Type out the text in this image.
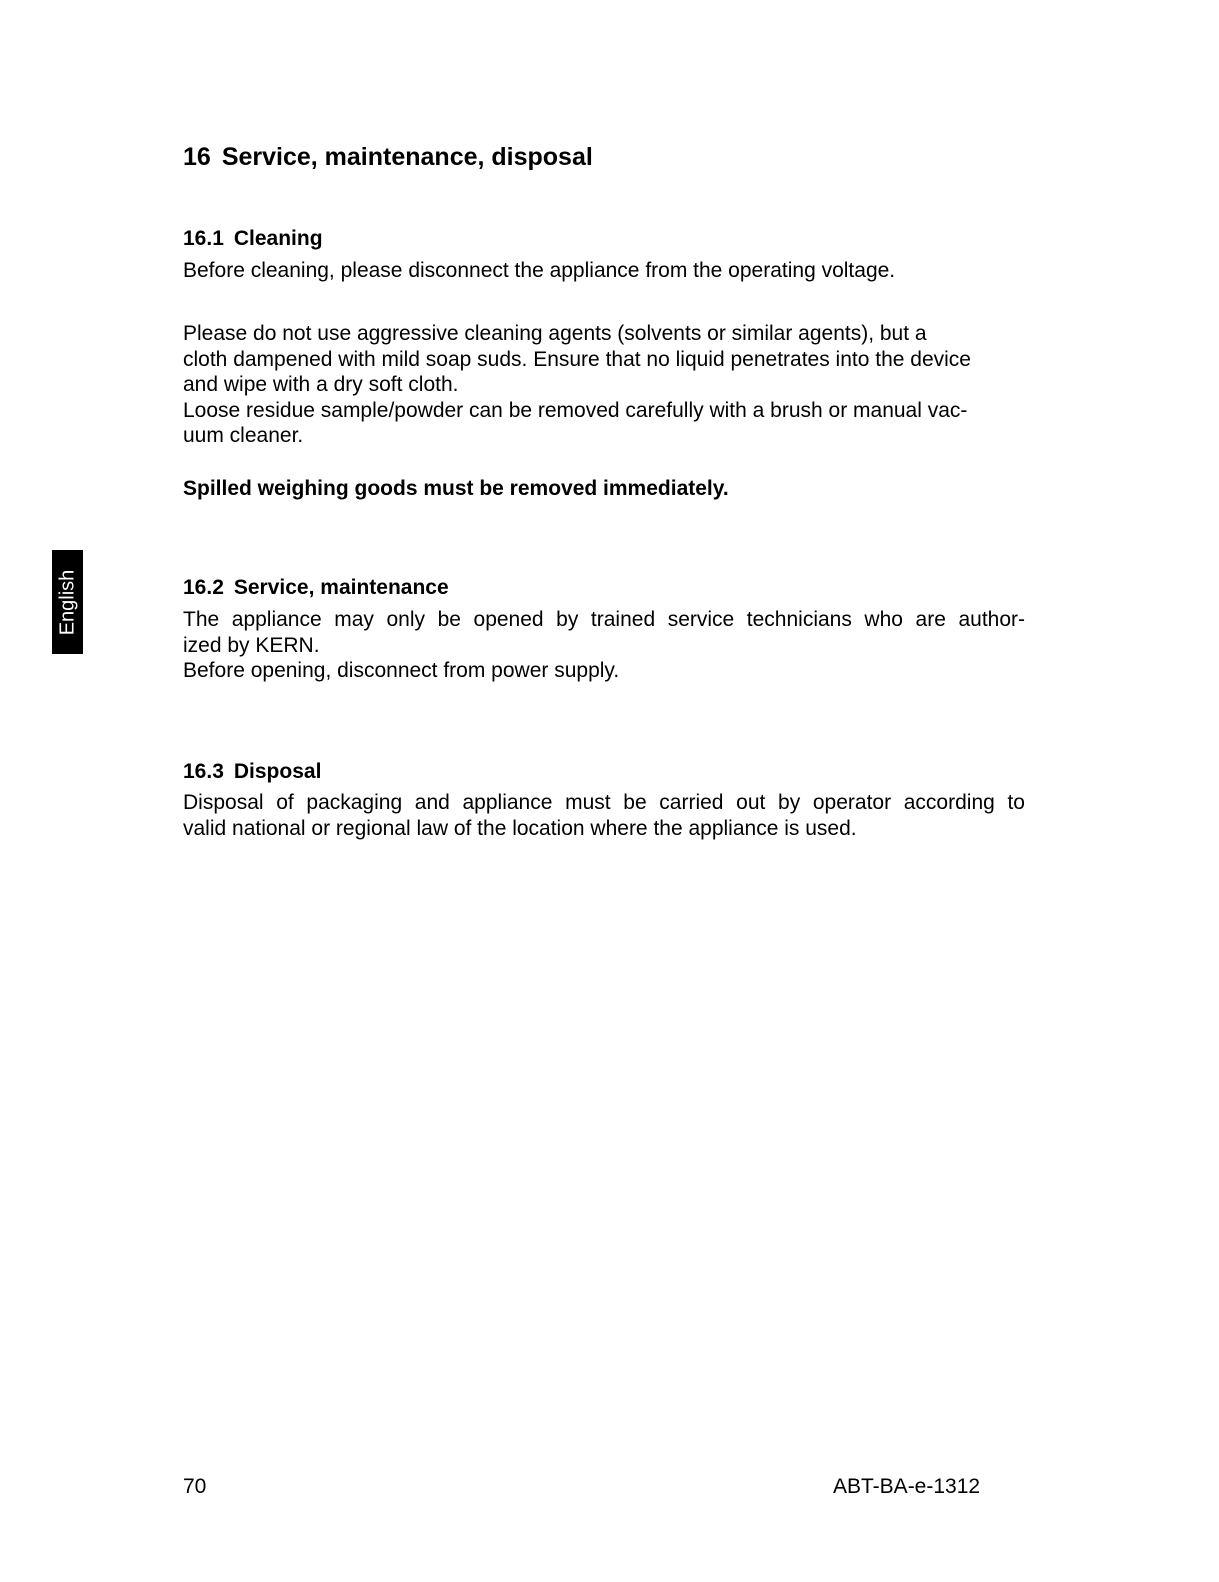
English
16 Service, maintenance, disposal
16.1 Cleaning

Before cleaning, please disconnect the appliance from the operating voltage.

Please do not use aggressive cleaning agents (solvents or similar agents), but a
cloth dampened with mild soap suds. Ensure that no liquid penetrates into the device
and wipe with a dry soft cloth.
Loose residue sample/powder can be removed carefully with a brush or manual vac-
uum cleaner.

Spilled weighing goods must be removed immediately.
16.2 Service, maintenance

The appliance may only be opened by trained service technicians who are author-
ized by KERN.
Before opening, disconnect from power supply.

16.3 Disposal

Disposal of packaging and appliance must be carried out by operator according to
valid national or regional law of the location where the appliance is used.

70	ABT-BA-e-1312
